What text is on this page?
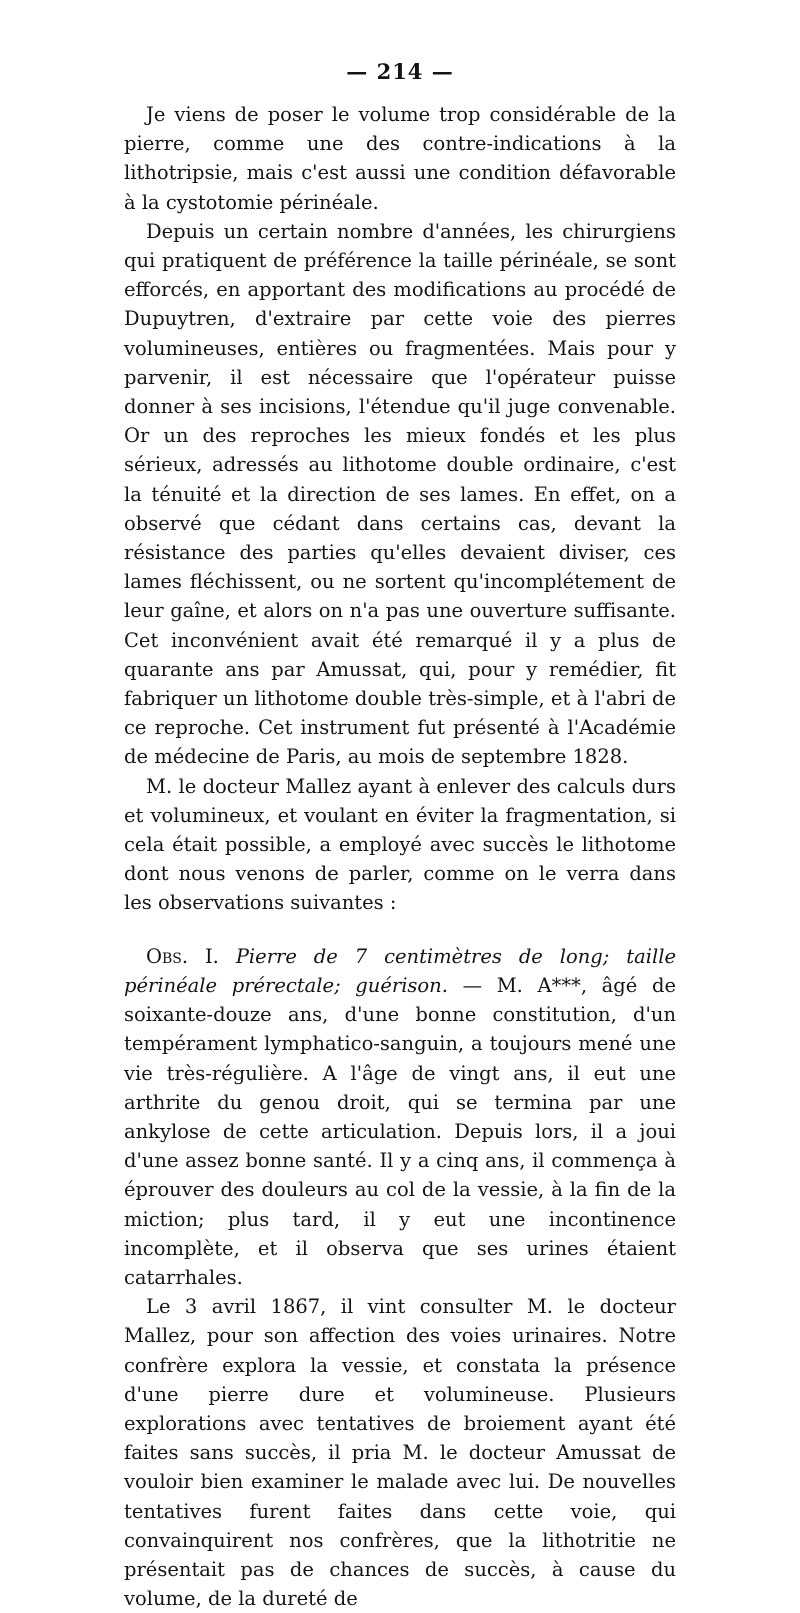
— 214 —

Je viens de poser le volume trop considérable de la pierre, comme une des contre-indications à la lithotripsie, mais c'est aussi une condition défavorable à la cystotomie périnéale.

Depuis un certain nombre d'années, les chirurgiens qui pratiquent de préférence la taille périnéale, se sont efforcés, en apportant des modifications au procédé de Dupuytren, d'extraire par cette voie des pierres volumineuses, entières ou fragmentées. Mais pour y parvenir, il est nécessaire que l'opérateur puisse donner à ses incisions, l'étendue qu'il juge convenable. Or un des reproches les mieux fondés et les plus sérieux, adressés au lithotome double ordinaire, c'est la ténuité et la direction de ses lames. En effet, on a observé que cédant dans certains cas, devant la résistance des parties qu'elles devaient diviser, ces lames fléchissent, ou ne sortent qu'incomplétement de leur gaîne, et alors on n'a pas une ouverture suffisante. Cet inconvénient avait été remarqué il y a plus de quarante ans par Amussat, qui, pour y remédier, fit fabriquer un lithotome double très-simple, et à l'abri de ce reproche. Cet instrument fut présenté à l'Académie de médecine de Paris, au mois de septembre 1828.

M. le docteur Mallez ayant à enlever des calculs durs et volumineux, et voulant en éviter la fragmentation, si cela était possible, a employé avec succès le lithotome dont nous venons de parler, comme on le verra dans les observations suivantes :

Obs. I. Pierre de 7 centimètres de long; taille périnéale prérectale; guérison. — M. A***, âgé de soixante-douze ans, d'une bonne constitution, d'un tempérament lymphatico-sanguin, a toujours mené une vie très-régulière. A l'âge de vingt ans, il eut une arthrite du genou droit, qui se termina par une ankylose de cette articulation. Depuis lors, il a joui d'une assez bonne santé. Il y a cinq ans, il commença à éprouver des douleurs au col de la vessie, à la fin de la miction; plus tard, il y eut une incontinence incomplète, et il observa que ses urines étaient catarrhales.

Le 3 avril 1867, il vint consulter M. le docteur Mallez, pour son affection des voies urinaires. Notre confrère explora la vessie, et constata la présence d'une pierre dure et volumineuse. Plusieurs explorations avec tentatives de broiement ayant été faites sans succès, il pria M. le docteur Amussat de vouloir bien examiner le malade avec lui. De nouvelles tentatives furent faites dans cette voie, qui convainquirent nos confrères, que la lithotritie ne présentait pas de chances de succès, à cause du volume, de la dureté de
